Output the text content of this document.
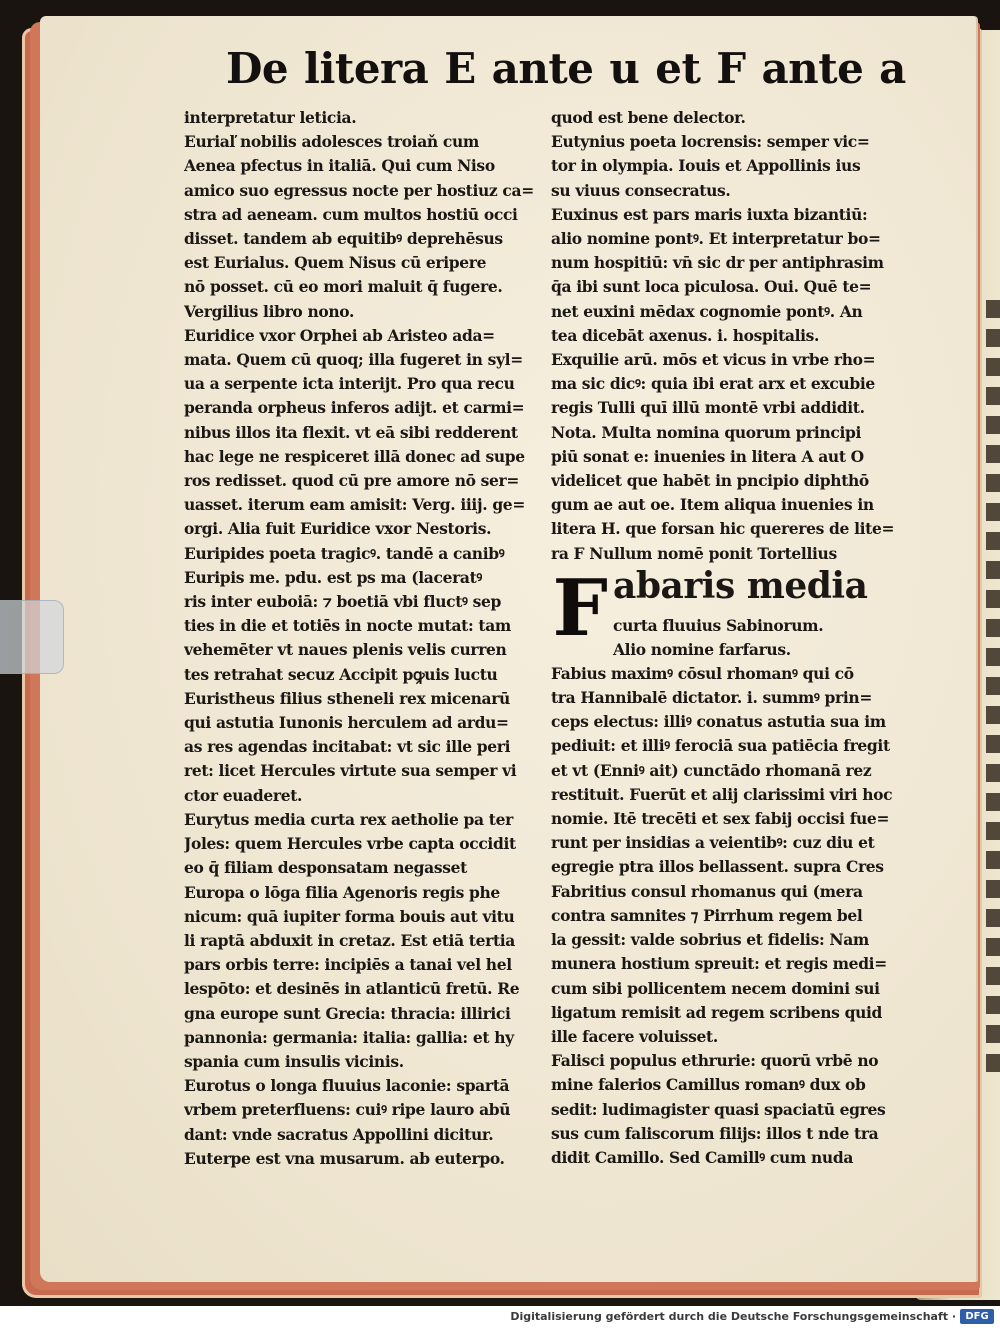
De litera E ante u et F ante a
interpretatur leticia.
Euriaľ nobilis adolesces troiaň cum
Aenea pfectus in italiā. Qui cum Niso
amico suo egressus nocte per hostiuz ca=
stra ad aeneam. cum multos hostiū occi
disset. tandem ab equitibꝰ deprehēsus
est Eurialus. Quem Nisus cū eripere
nō posset. cū eo mori maluit q̄ fugere.
Vergilius libro nono.
Euridice vxor Orphei ab Aristeo ada=
mata. Quem cū quoq; illa fugeret in syl=
ua a serpente icta interijt. Pro qua recu
peranda orpheus inferos adijt. et carmi=
nibus illos ita flexit. vt eā sibi redderent
hac lege ne respiceret illā donec ad supe
ros redisset. quod cū pre amore nō ser=
uasset. iterum eam amisit: Verg. iiij. ge=
orgi. Alia fuit Euridice vxor Nestoris.
Euripides poeta tragicꝰ. tandē a canibꝰ
Euripis me. pdu. est ps ma (laceratꝰ
ris inter euboiā: ⁊ boetiā vbi fluctꝰ sep
ties in die et totiēs in nocte mutat: tam
vehemēter vt naues plenis velis curren
tes retrahat secuz Accipit pꝙuis luctu
Euristheus filius stheneli rex micenarū
qui astutia Iunonis herculem ad ardu=
as res agendas incitabat: vt sic ille peri
ret: licet Hercules virtute sua semper vi
ctor euaderet.
Eurytus media curta rex aetholie pa ter
Joles: quem Hercules vrbe capta occidit
eo q̄ filiam desponsatam negasset
Europa o lōga filia Agenoris regis phe
nicum: quā iupiter forma bouis aut vitu
li raptā abduxit in cretaz. Est etiā tertia
pars orbis terre: incipiēs a tanai vel hel
lespōto: et desinēs in atlanticū fretū. Re
gna europe sunt Grecia: thracia: illirici
pannonia: germania: italia: gallia: et hy
spania cum insulis vicinis.
Eurotus o longa fluuius laconie: spartā
vrbem preterfluens: cuiꝰ ripe lauro abū
dant: vnde sacratus Appollini dicitur.
Euterpe est vna musarum. ab euterpo.
quod est bene delector.
Eutynius poeta locrensis: semper vic=
tor in olympia. Iouis et Appollinis ius
su viuus consecratus.
Euxinus est pars maris iuxta bizantiū:
alio nomine pontꝰ. Et interpretatur bo=
num hospitiū: vn̄ sic dr per antiphrasim
q̄a ibi sunt loca piculosa. Oui. Quē te=
net euxini mēdax cognomie pontꝰ. An
tea dicebāt axenus. i. hospitalis.
Exquilie arū. mōs et vicus in vrbe rho=
ma sic dicꝰ: quia ibi erat arx et excubie
regis Tulli quī illū montē vrbi addidit.
Nota. Multa nomina quorum principi
piū sonat e: inuenies in litera A aut O
videlicet que habēt in pncipio diphthō
gum ae aut oe. Item aliqua inuenies in
litera H. que forsan hic quereres de lite=
ra F Nullum nomē ponit Tortellius
F abaris media
curta fluuius Sabinorum.
Alio nomine farfarus.
Fabius maximꝰ cōsul rhomanꝰ qui cō
tra Hannibalē dictator. i. summꝰ prin=
ceps electus: illiꝰ conatus astutia sua im
pediuit: et illiꝰ ferociā sua patiēcia fregit
et vt (Enniꝰ ait) cunctādo rhomanā rez
restituit. Fuerūt et alij clarissimi viri hoc
nomie. Itē trecēti et sex fabij occisi fue=
runt per insidias a veientibꝰ: cuz diu et
egregie ptra illos bellassent. supra Cres
Fabritius consul rhomanus qui (mera
contra samnites ⁊ Pirrhum regem bel
la gessit: valde sobrius et fidelis: Nam
munera hostium spreuit: et regis medi=
cum sibi pollicentem necem domini sui
ligatum remisit ad regem scribens quid
ille facere voluisset.
Falisci populus ethrurie: quorū vrbē no
mine falerios Camillus romanꝰ dux ob
sedit: ludimagister quasi spaciatū egres
sus cum faliscorum filijs: illos t nde tra
didit Camillo. Sed Camillꝰ cum nuda
Digitalisierung gefördert durch die Deutsche Forschungsgemeinschaft · DFG
